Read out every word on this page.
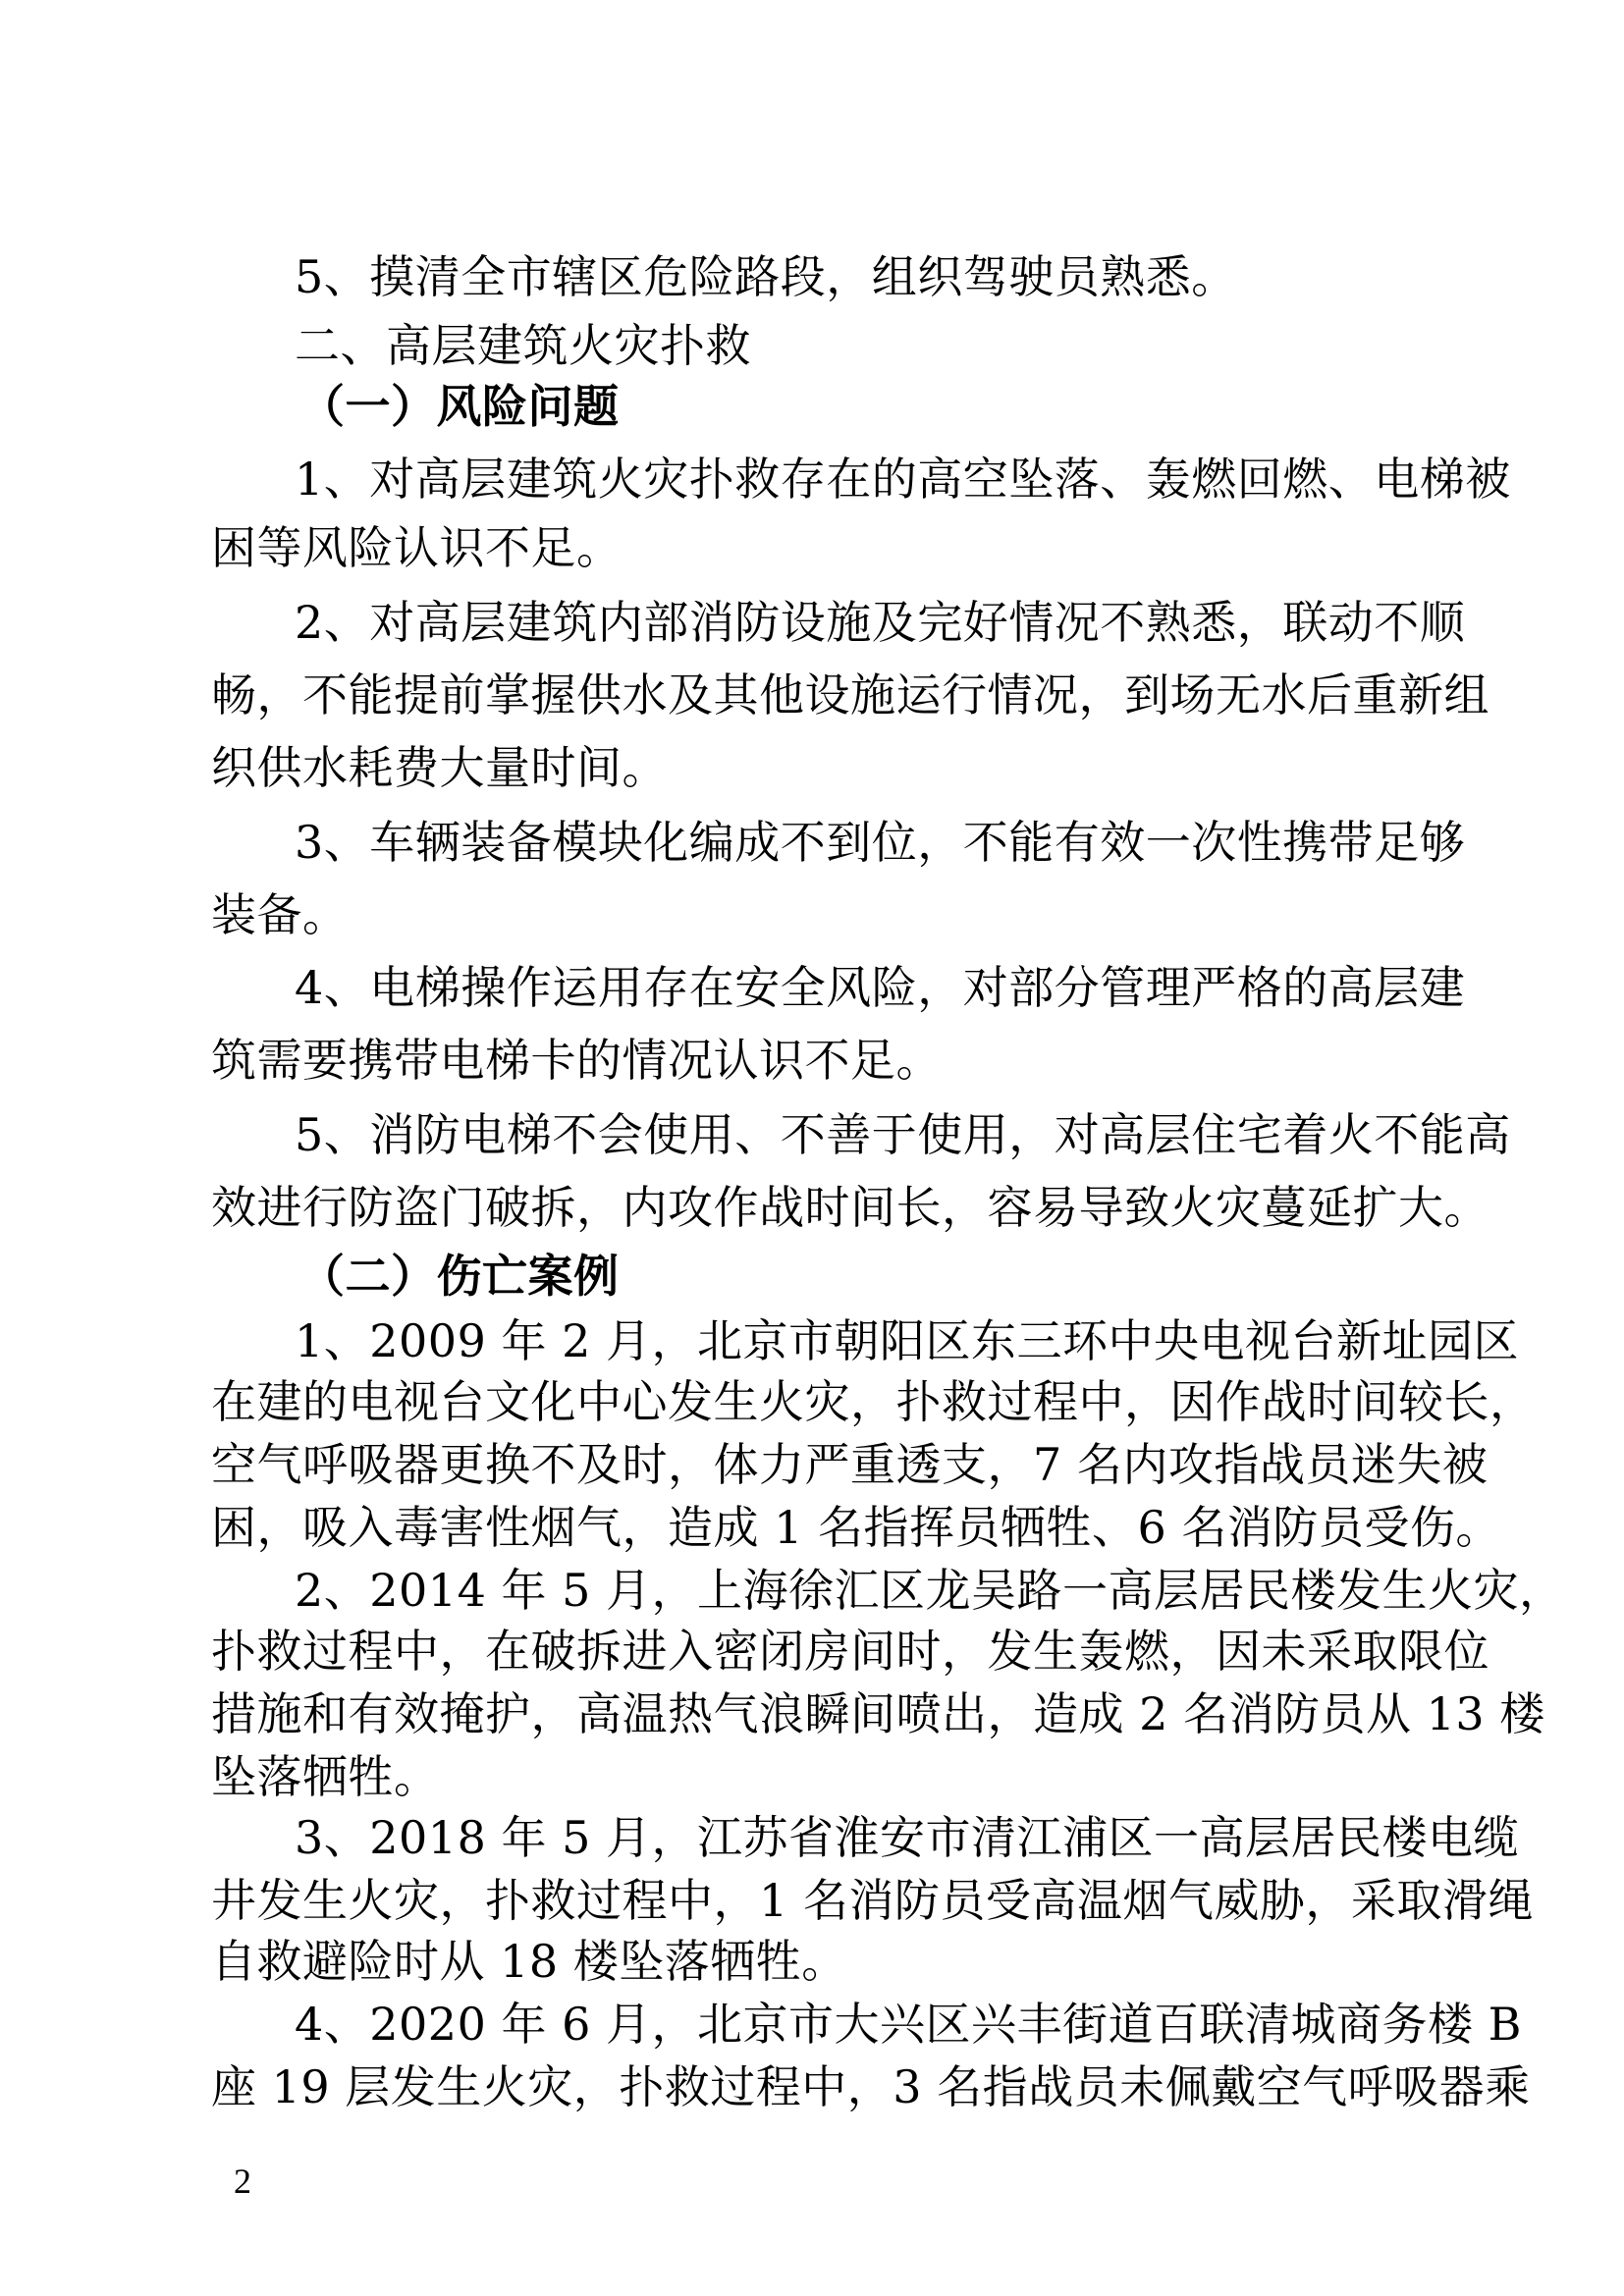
5、摸清全市辖区危险路段，组织驾驶员熟悉。
二、高层建筑火灾扑救
（一）风险问题
1、对高层建筑火灾扑救存在的高空坠落、轰燃回燃、电梯被
困等风险认识不足。
2、对高层建筑内部消防设施及完好情况不熟悉，联动不顺
畅，不能提前掌握供水及其他设施运行情况，到场无水后重新组
织供水耗费大量时间。
3、车辆装备模块化编成不到位，不能有效一次性携带足够
装备。
4、电梯操作运用存在安全风险，对部分管理严格的高层建
筑需要携带电梯卡的情况认识不足。
5、消防电梯不会使用、不善于使用，对高层住宅着火不能高
效进行防盗门破拆，内攻作战时间长，容易导致火灾蔓延扩大。
（二）伤亡案例
1、2009 年 2 月，北京市朝阳区东三环中央电视台新址园区
在建的电视台文化中心发生火灾，扑救过程中，因作战时间较长，
空气呼吸器更换不及时，体力严重透支，7 名内攻指战员迷失被
困，吸入毒害性烟气，造成 1 名指挥员牺牲、6 名消防员受伤。
2、2014 年 5 月，上海徐汇区龙吴路一高层居民楼发生火灾，
扑救过程中，在破拆进入密闭房间时，发生轰燃，因未采取限位
措施和有效掩护，高温热气浪瞬间喷出，造成 2 名消防员从 13 楼
坠落牺牲。
3、2018 年 5 月，江苏省淮安市清江浦区一高层居民楼电缆
井发生火灾，扑救过程中，1 名消防员受高温烟气威胁，采取滑绳
自救避险时从 18 楼坠落牺牲。
4、2020 年 6 月，北京市大兴区兴丰街道百联清城商务楼 B
座 19 层发生火灾，扑救过程中，3 名指战员未佩戴空气呼吸器乘
2
